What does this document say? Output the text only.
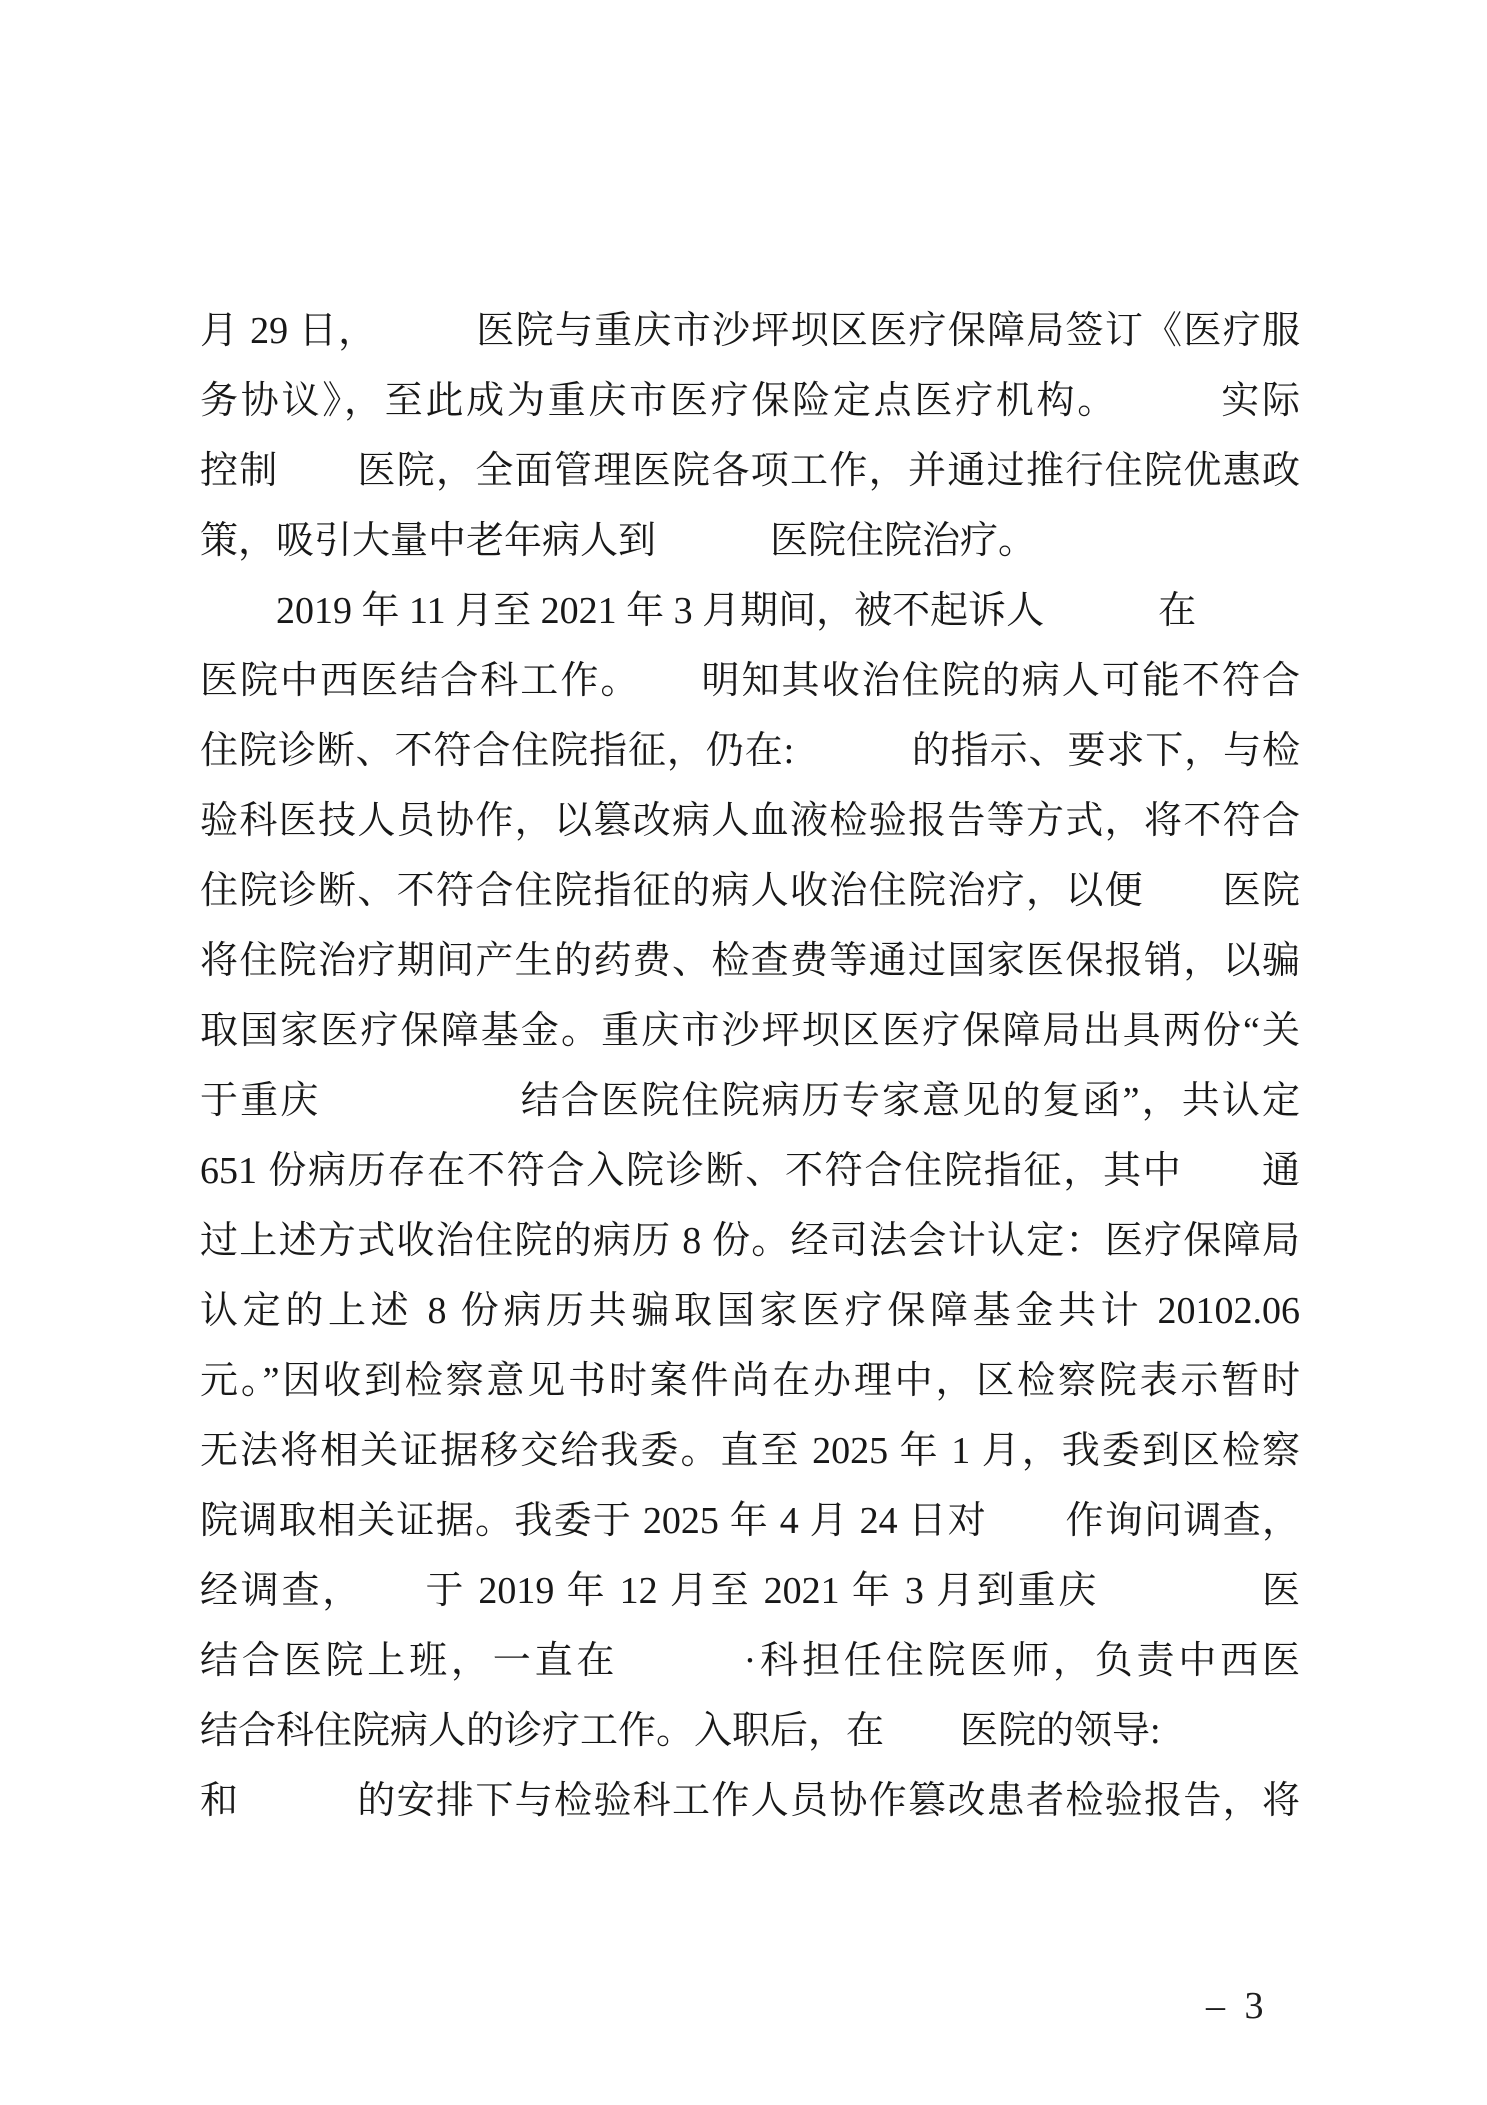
月 29 日，　　　医院与重庆市沙坪坝区医疗保障局签订《医疗服
务协议》，至此成为重庆市医疗保险定点医疗机构。　　　实际
控制　　医院，全面管理医院各项工作，并通过推行住院优惠政
策，吸引大量中老年病人到　　　医院住院治疗。
　　2019 年 11 月至 2021 年 3 月期间，被不起诉人　　　在
医院中西医结合科工作。　　明知其收治住院的病人可能不符合
住院诊断、不符合住院指征，仍在:　　　的指示、要求下，与检
验科医技人员协作，以篡改病人血液检验报告等方式，将不符合
住院诊断、不符合住院指征的病人收治住院治疗，以便　　医院
将住院治疗期间产生的药费、检查费等通过国家医保报销，以骗
取国家医疗保障基金。重庆市沙坪坝区医疗保障局出具两份“关
于重庆　　　　　结合医院住院病历专家意见的复函”，共认定
651 份病历存在不符合入院诊断、不符合住院指征，其中　　通
过上述方式收治住院的病历 8 份。经司法会计认定：医疗保障局
认定的上述 8 份病历共骗取国家医疗保障基金共计 20102.06
元。”因收到检察意见书时案件尚在办理中，区检察院表示暂时
无法将相关证据移交给我委。直至 2025 年 1 月，我委到区检察
院调取相关证据。我委于 2025 年 4 月 24 日对　　作询问调查，
经调查，　　于 2019 年 12 月至 2021 年 3 月到重庆　　　　医
结合医院上班，一直在　　　·科担任住院医师，负责中西医
结合科住院病人的诊疗工作。入职后，在　　医院的领导:
和　　　的安排下与检验科工作人员协作篡改患者检验报告，将
– 3
